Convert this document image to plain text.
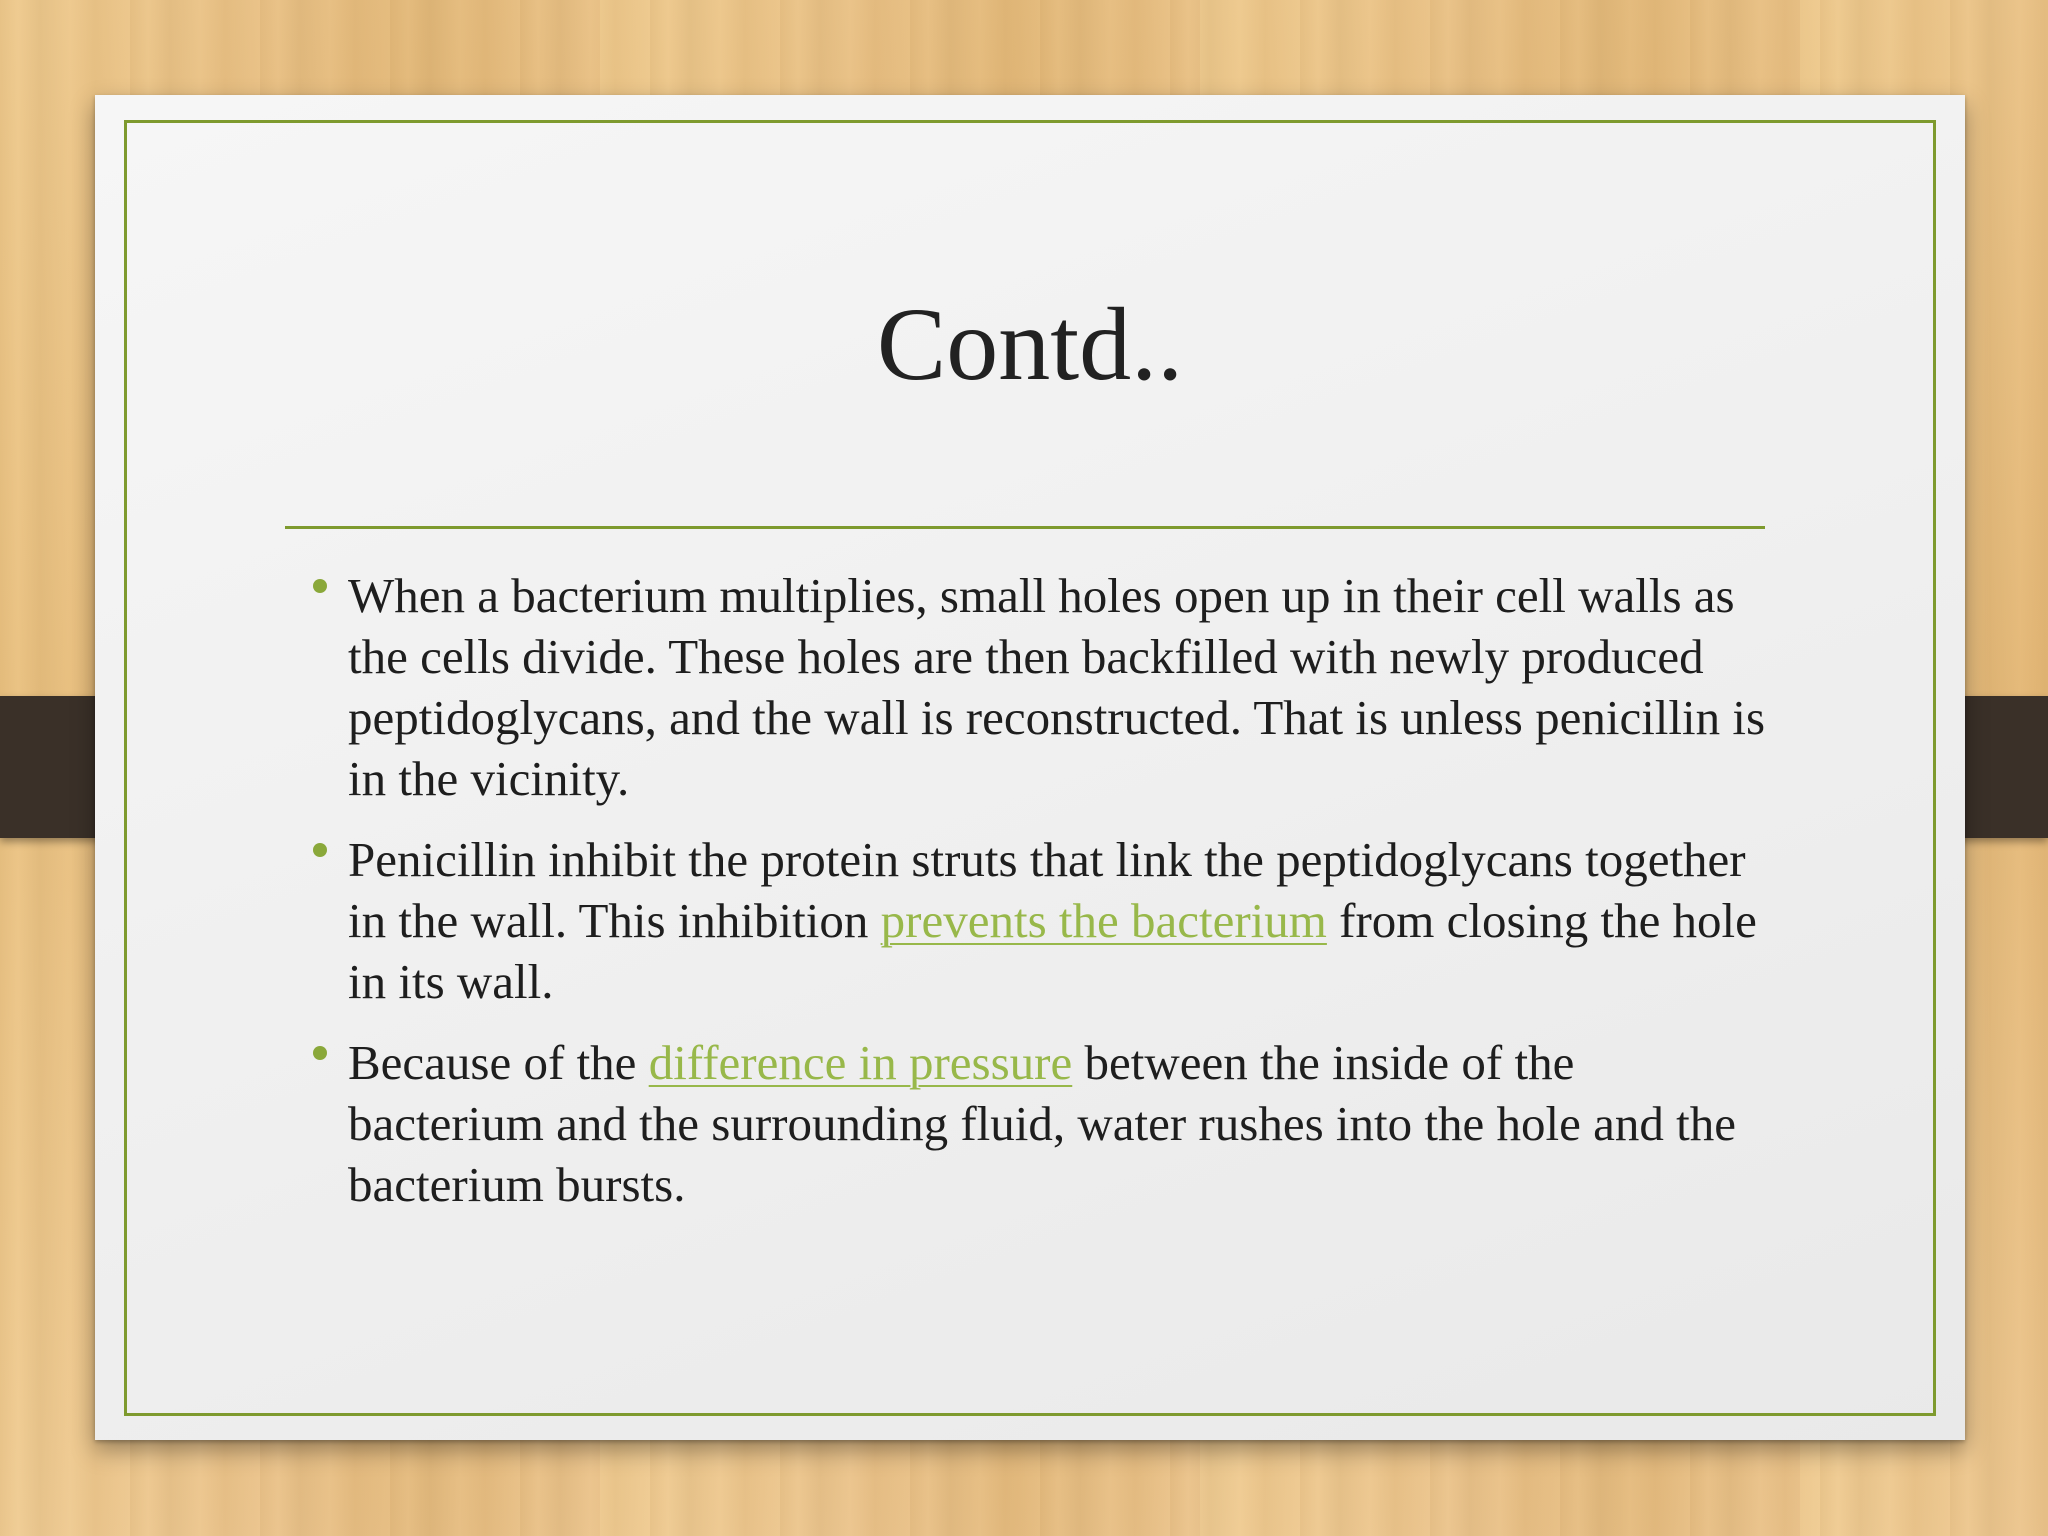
Contd..
When a bacterium multiplies, small holes open up in their cell walls as the cells divide. These holes are then backfilled with newly produced peptidoglycans, and the wall is reconstructed. That is unless penicillin is in the vicinity.
Penicillin inhibit the protein struts that link the peptidoglycans together in the wall. This inhibition prevents the bacterium from closing the hole in its wall.
Because of the difference in pressure between the inside of the bacterium and the surrounding fluid, water rushes into the hole and the bacterium bursts.
